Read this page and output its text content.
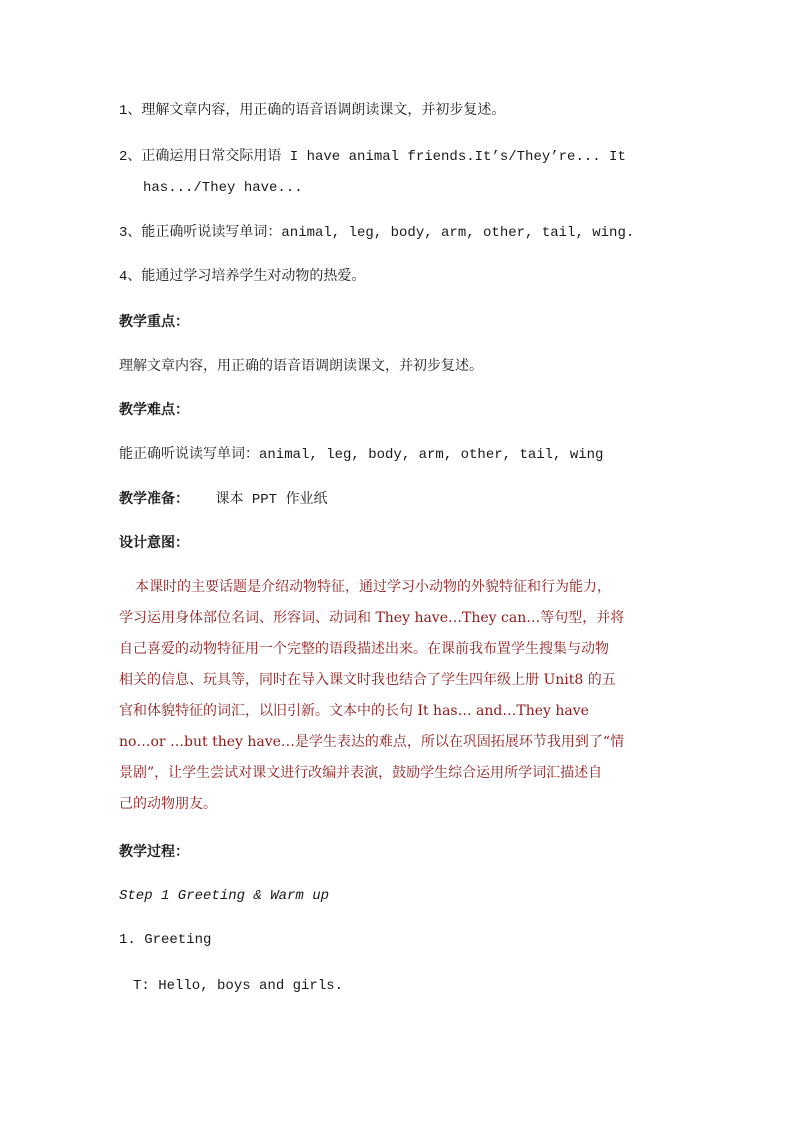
1、理解文章内容，用正确的语音语调朗读课文，并初步复述。
2、正确运用日常交际用语 I have animal friends.It’s/They’re... It
has.../They have...
3、能正确听说读写单词：animal, leg, body, arm, other, tail, wing.
4、能通过学习培养学生对动物的热爱。
教学重点：
理解文章内容，用正确的语音语调朗读课文，并初步复述。
教学难点：
能正确听说读写单词：animal, leg, body, arm, other, tail, wing
教学准备： 课本 PPT 作业纸
设计意图：
本课时的主要话题是介绍动物特征，通过学习小动物的外貌特征和行为能力，
学习运用身体部位名词、形容词、动词和 They have…They can…等句型，并将
自己喜爱的动物特征用一个完整的语段描述出来。在课前我布置学生搜集与动物
相关的信息、玩具等，同时在导入课文时我也结合了学生四年级上册 Unit8 的五
官和体貌特征的词汇，以旧引新。文本中的长句 It has… and…They have
no…or …but they have…是学生表达的难点，所以在巩固拓展环节我用到了“情
景剧”，让学生尝试对课文进行改编并表演，鼓励学生综合运用所学词汇描述自
己的动物朋友。
教学过程：
Step 1 Greeting & Warm up
1. Greeting
T: Hello, boys and girls.
